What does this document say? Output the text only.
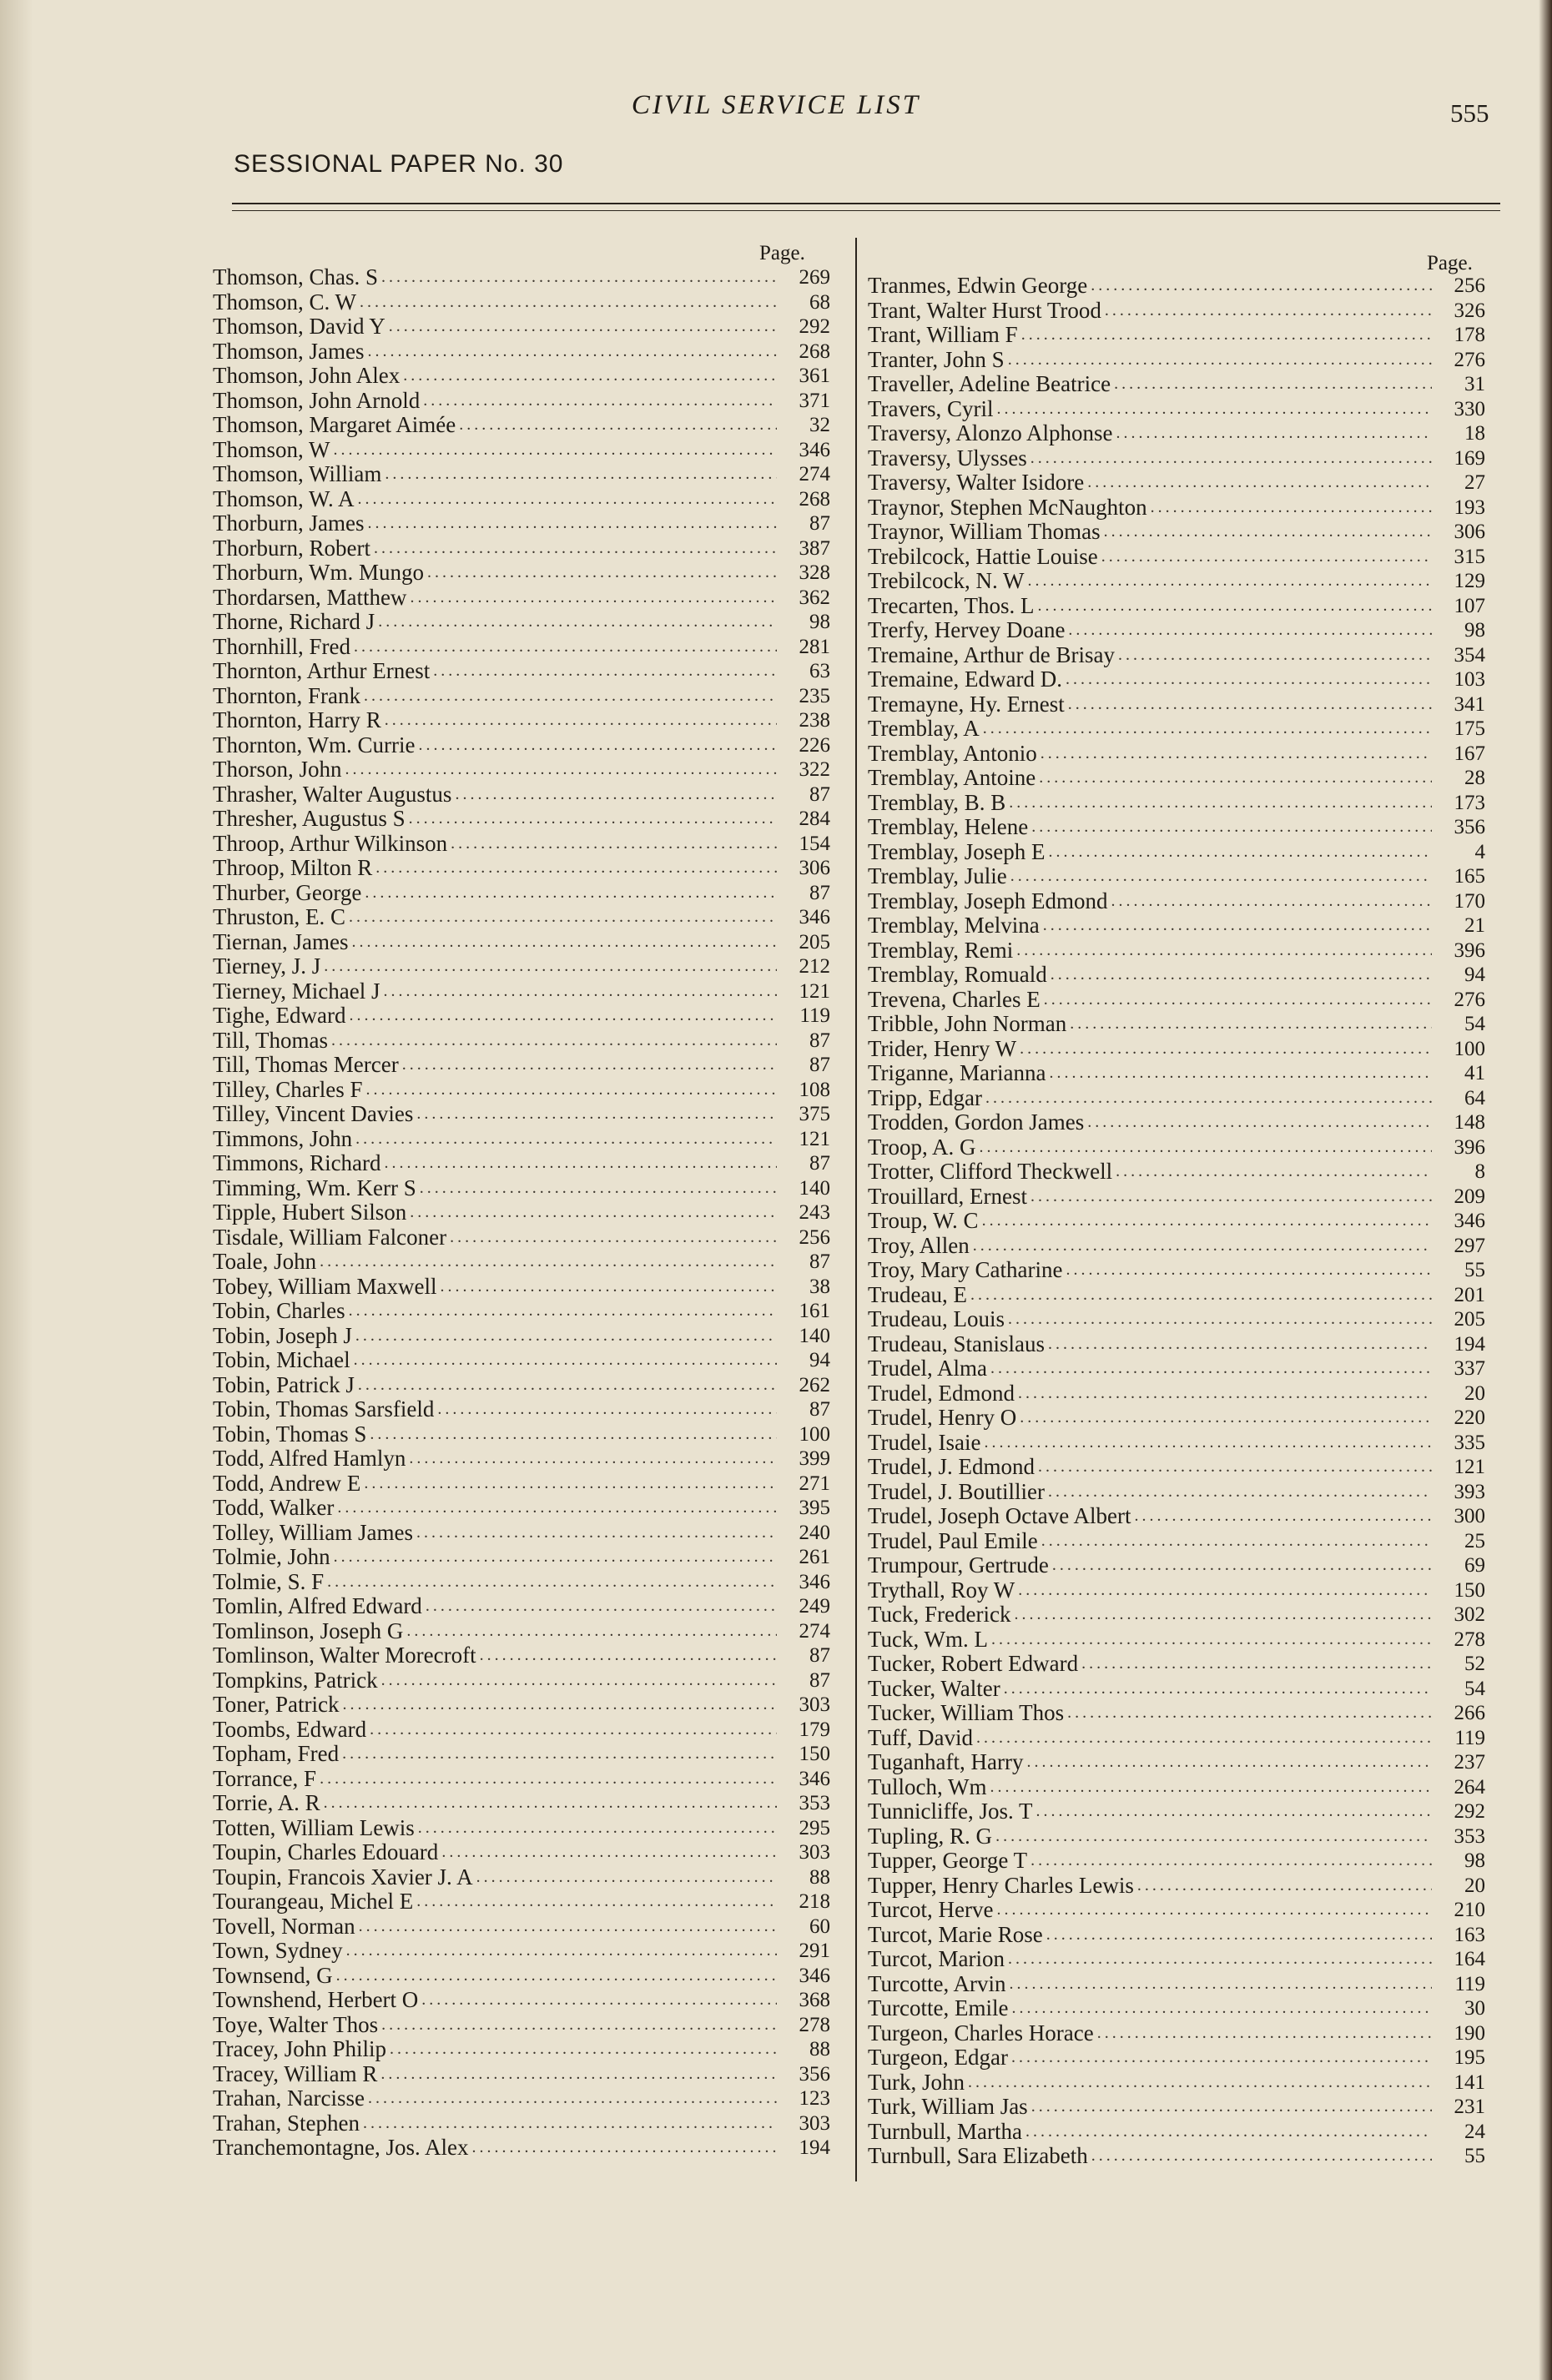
CIVIL SERVICE LIST	555
SESSIONAL PAPER No. 30
Page.
Thomson, Chas. S .....	269
Thomson, C. W .....	68
Thomson, David Y .....	292
Thomson, James .....	268
Thomson, John Alex .....	361
Thomson, John Arnold .....	371
Thomson, Margaret Aimée .....	32
Thomson, W .....	346
Thomson, William .....	274
Thomson, W. A .....	268
Thorburn, James .....	87
Thorburn, Robert .....	387
Thorburn, Wm. Mungo .....	328
Thordarsen, Matthew .....	362
Thorne, Richard J .....	98
Thornhill, Fred .....	281
Thornton, Arthur Ernest .....	63
Thornton, Frank .....	235
Thornton, Harry R .....	238
Thornton, Wm. Currie .....	226
Thorson, John .....	322
Thrasher, Walter Augustus .....	87
Thresher, Augustus S .....	284
Throop, Arthur Wilkinson .....	154
Throop, Milton R .....	306
Thurber, George .....	87
Thruston, E. C .....	346
Tiernan, James .....	205
Tierney, J. J .....	212
Tierney, Michael J .....	121
Tighe, Edward .....	119
Till, Thomas .....	87
Till, Thomas Mercer .....	87
Tilley, Charles F .....	108
Tilley, Vincent Davies .....	375
Timmons, John .....	121
Timmons, Richard .....	87
Timming, Wm. Kerr S .....	140
Tipple, Hubert Silson .....	243
Tisdale, William Falconer .....	256
Toale, John .....	87
Tobey, William Maxwell .....	38
Tobin, Charles .....	161
Tobin, Joseph J .....	140
Tobin, Michael .....	94
Tobin, Patrick J .....	262
Tobin, Thomas Sarsfield .....	87
Tobin, Thomas S .....	100
Todd, Alfred Hamlyn .....	399
Todd, Andrew E .....	271
Todd, Walker .....	395
Tolley, William James .....	240
Tolmie, John .....	261
Tolmie, S. F .....	346
Tomlin, Alfred Edward .....	249
Tomlinson, Joseph G .....	274
Tomlinson, Walter Morecroft .....	87
Tompkins, Patrick .....	87
Toner, Patrick .....	303
Toombs, Edward .....	179
Topham, Fred .....	150
Torrance, F .....	346
Torrie, A. R .....	353
Totten, William Lewis .....	295
Toupin, Charles Edouard .....	303
Toupin, Francois Xavier J. A .....	88
Tourangeau, Michel E .....	218
Tovell, Norman .....	60
Town, Sydney .....	291
Townsend, G .....	346
Townshend, Herbert O .....	368
Toye, Walter Thos .....	278
Tracey, John Philip .....	88
Tracey, William R .....	356
Trahan, Narcisse .....	123
Trahan, Stephen .....	303
Tranchemontagne, Jos. Alex .....	194
Page.
Tranmes, Edwin George .....	256
Trant, Walter Hurst Trood .....	326
Trant, William F .....	178
Tranter, John S .....	276
Traveller, Adeline Beatrice .....	31
Travers, Cyril .....	330
Traversy, Alonzo Alphonse .....	18
Traversy, Ulysses .....	169
Traversy, Walter Isidore .....	27
Traynor, Stephen McNaughton .....	193
Traynor, William Thomas .....	306
Trebilcock, Hattie Louise .....	315
Trebilcock, N. W .....	129
Trecarten, Thos. L .....	107
Trerfy, Hervey Doane .....	98
Tremaine, Arthur de Brisay .....	354
Tremaine, Edward D. .....	103
Tremayne, Hy. Ernest .....	341
Tremblay, A .....	175
Tremblay, Antonio .....	167
Tremblay, Antoine .....	28
Tremblay, B. B .....	173
Tremblay, Helene .....	356
Tremblay, Joseph E .....	4
Tremblay, Julie .....	165
Tremblay, Joseph Edmond .....	170
Tremblay, Melvina .....	21
Tremblay, Remi .....	396
Tremblay, Romuald .....	94
Trevena, Charles E .....	276
Tribble, John Norman .....	54
Trider, Henry W .....	100
Triganne, Marianna .....	41
Tripp, Edgar .....	64
Trodden, Gordon James .....	148
Troop, A. G .....	396
Trotter, Clifford Theckwell .....	8
Trouillard, Ernest .....	209
Troup, W. C .....	346
Troy, Allen .....	297
Troy, Mary Catharine .....	55
Trudeau, E .....	201
Trudeau, Louis .....	205
Trudeau, Stanislaus .....	194
Trudel, Alma .....	337
Trudel, Edmond .....	20
Trudel, Henry O .....	220
Trudel, Isaie .....	335
Trudel, J. Edmond .....	121
Trudel, J. Boutillier .....	393
Trudel, Joseph Octave Albert .....	300
Trudel, Paul Emile .....	25
Trumpour, Gertrude .....	69
Trythall, Roy W .....	150
Tuck, Frederick .....	302
Tuck, Wm. L .....	278
Tucker, Robert Edward .....	52
Tucker, Walter .....	54
Tucker, William Thos .....	266
Tuff, David .....	119
Tuganhaft, Harry .....	237
Tulloch, Wm .....	264
Tunnicliffe, Jos. T .....	292
Tupling, R. G .....	353
Tupper, George T .....	98
Tupper, Henry Charles Lewis .....	20
Turcot, Herve .....	210
Turcot, Marie Rose .....	163
Turcot, Marion .....	164
Turcotte, Arvin .....	119
Turcotte, Emile .....	30
Turgeon, Charles Horace .....	190
Turgeon, Edgar .....	195
Turk, John .....	141
Turk, William Jas .....	231
Turnbull, Martha .....	24
Turnbull, Sara Elizabeth .....	55
